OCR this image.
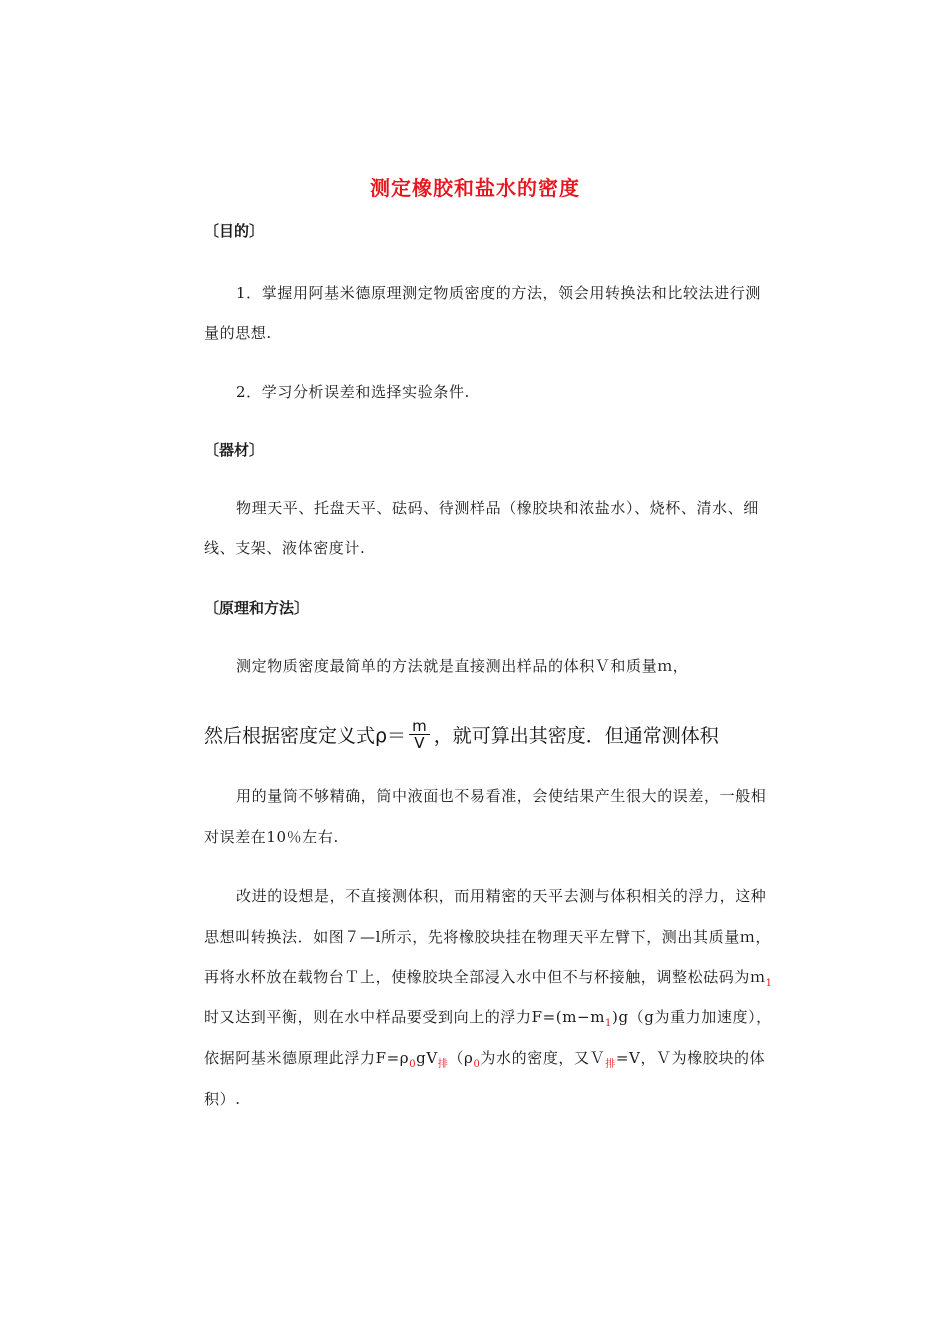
测定橡胶和盐水的密度
〔目的〕
1．掌握用阿基米德原理测定物质密度的方法，领会用转换法和比较法进行测
量的思想.
2．学习分析误差和选择实验条件.
〔器材〕
物理天平、托盘天平、砝码、待测样品（橡胶块和浓盐水）、烧杯、清水、细
线、支架、液体密度计.
〔原理和方法〕
测定物质密度最简单的方法就是直接测出样品的体积Ｖ和质量ｍ，
然后根据密度定义式$\rho= \frac{m}{V}$ ，就可算出其密度．但通常测体积
用的量筒不够精确，筒中液面也不易看准，会使结果产生很大的误差，一般相
对误差在10％左右.
改进的设想是，不直接测体积，而用精密的天平去测与体积相关的浮力，这种
思想叫转换法．如图７—l所示，先将橡胶块挂在物理天平左臂下，测出其质量ｍ，
再将水杯放在载物台Ｔ上，使橡胶块全部浸入水中但不与杯接触，调整松砝码为ｍ$_1$
时又达到平衡，则在水中样品要受到向上的浮力$F=(m-m_1)g(g$为重力加速度），
依据阿基米德原理此浮力$F=\rho_0gV_排(\rho_0$为水的密度，又Ｖ$_排$=V，Ｖ为橡胶块的体
积）.
